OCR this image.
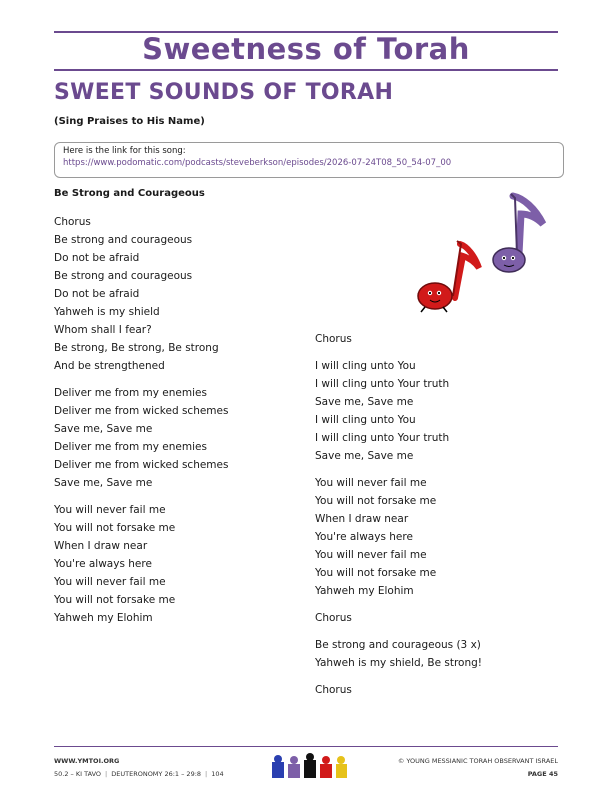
Sweetness of Torah
SWEET SOUNDS OF TORAH
(Sing Praises to His Name)
Here is the link for this song:
https://www.podomatic.com/podcasts/steveberkson/episodes/2026-07-24T08_50_54-07_00
Be Strong and Courageous
Chorus
Be strong and courageous
Do not be afraid
Be strong and courageous
Do not be afraid
Yahweh is my shield
Whom shall I fear?
Be strong, Be strong, Be strong
And be strengthened
Deliver me from my enemies
Deliver me from wicked schemes
Save me, Save me
Deliver me from my enemies
Deliver me from wicked schemes
Save me, Save me
You will never fail me
You will not forsake me
When I draw near
You're always here
You will never fail me
You will not forsake me
Yahweh my Elohim
Chorus
I will cling unto You
I will cling unto Your truth
Save me, Save me
I will cling unto You
I will cling unto Your truth
Save me, Save me
You will never fail me
You will not forsake me
When I draw near
You're always here
You will never fail me
You will not forsake me
Yahweh my Elohim
Chorus
Be strong and courageous (3 x)
Yahweh is my shield, Be strong!
Chorus
WWW.YMTOI.ORG
50.2 – KI TAVO | DEUTERONOMY 26:1 – 29:8 | 104
© YOUNG MESSIANIC TORAH OBSERVANT ISRAEL
PAGE 45
